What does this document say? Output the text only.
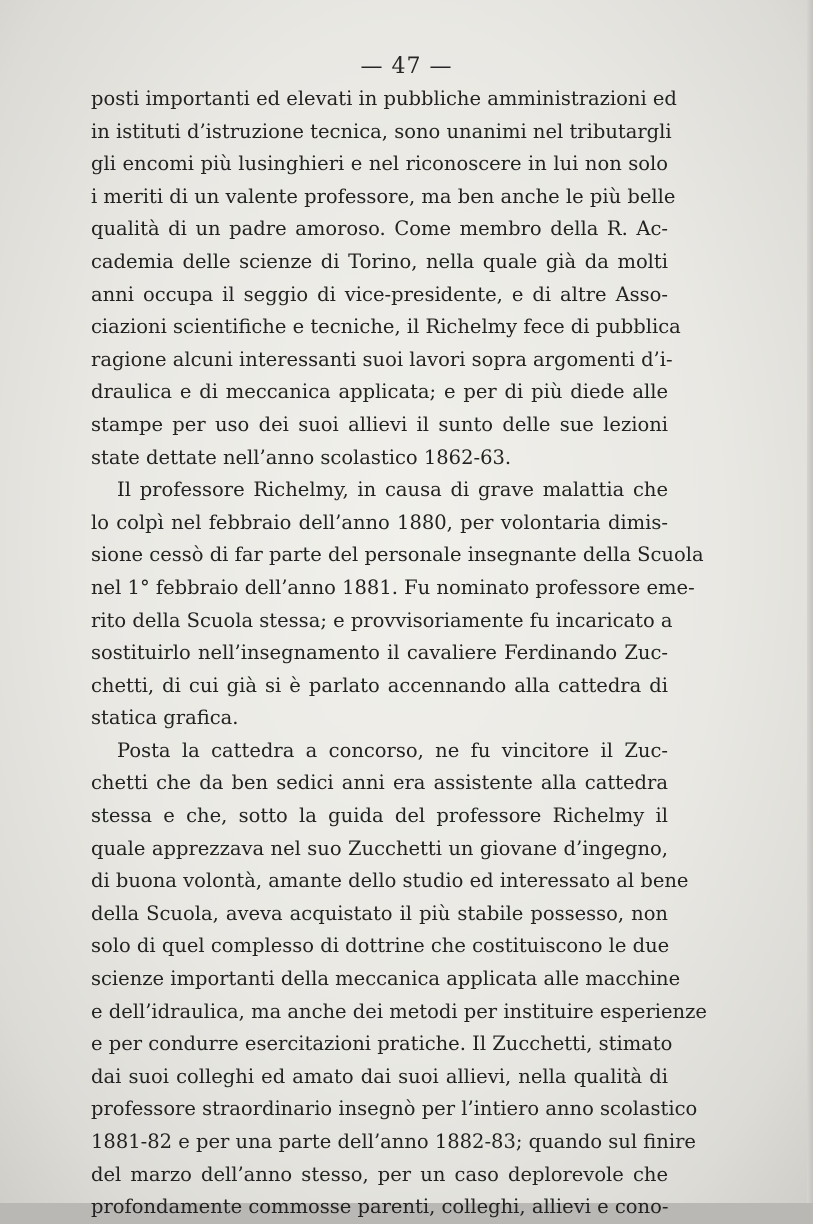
— 47 —
posti importanti ed elevati in pubbliche amministrazioni ed
in istituti d’istruzione tecnica, sono unanimi nel tributargli
gli encomi più lusinghieri e nel riconoscere in lui non solo
i meriti di un valente professore, ma ben anche le più belle
qualità di un padre amoroso. Come membro della R. Ac-
cademia delle scienze di Torino, nella quale già da molti
anni occupa il seggio di vice-presidente, e di altre Asso-
ciazioni scientifiche e tecniche, il Richelmy fece di pubblica
ragione alcuni interessanti suoi lavori sopra argomenti d’i-
draulica e di meccanica applicata; e per di più diede alle
stampe per uso dei suoi allievi il sunto delle sue lezioni
state dettate nell’anno scolastico 1862-63.
Il professore Richelmy, in causa di grave malattia che
lo colpì nel febbraio dell’anno 1880, per volontaria dimis-
sione cessò di far parte del personale insegnante della Scuola
nel 1° febbraio dell’anno 1881. Fu nominato professore eme-
rito della Scuola stessa; e provvisoriamente fu incaricato a
sostituirlo nell’insegnamento il cavaliere Ferdinando Zuc-
chetti, di cui già si è parlato accennando alla cattedra di
statica grafica.
Posta la cattedra a concorso, ne fu vincitore il Zuc-
chetti che da ben sedici anni era assistente alla cattedra
stessa e che, sotto la guida del professore Richelmy il
quale apprezzava nel suo Zucchetti un giovane d’ingegno,
di buona volontà, amante dello studio ed interessato al bene
della Scuola, aveva acquistato il più stabile possesso, non
solo di quel complesso di dottrine che costituiscono le due
scienze importanti della meccanica applicata alle macchine
e dell’idraulica, ma anche dei metodi per instituire esperienze
e per condurre esercitazioni pratiche. Il Zucchetti, stimato
dai suoi colleghi ed amato dai suoi allievi, nella qualità di
professore straordinario insegnò per l’intiero anno scolastico
1881-82 e per una parte dell’anno 1882-83; quando sul finire
del marzo dell’anno stesso, per un caso deplorevole che
profondamente commosse parenti, colleghi, allievi e cono-
